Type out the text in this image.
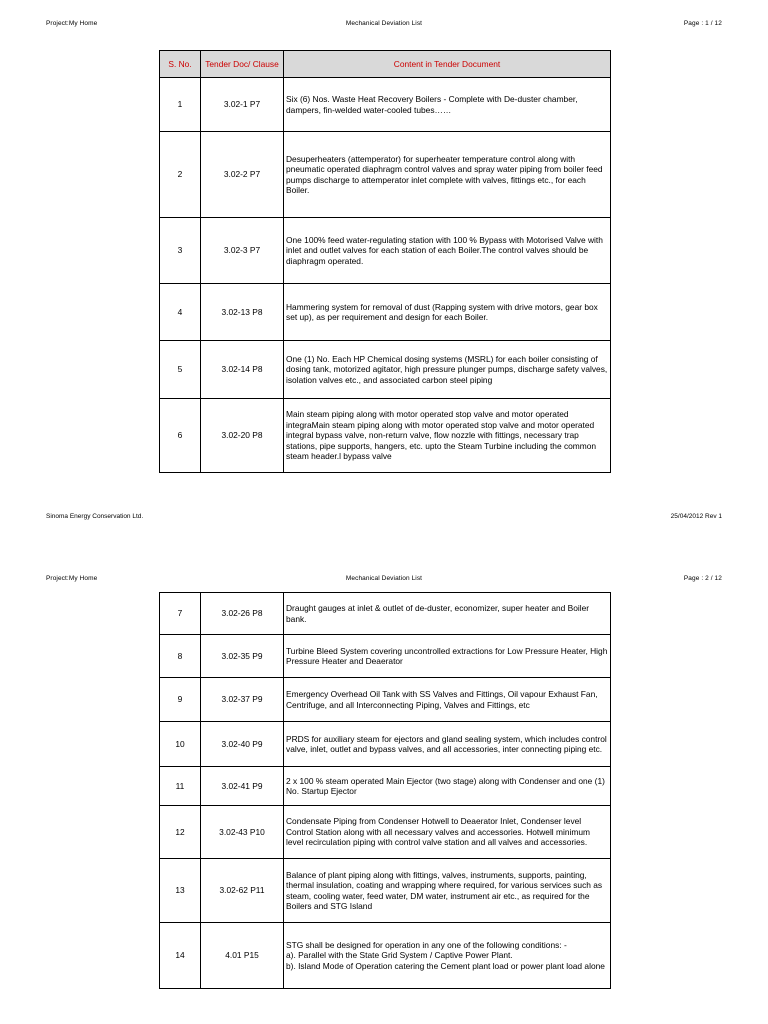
Project:My Home	Mechanical Deviation List	Page : 1 / 12
S. No.	Tender Doc/ Clause	Content in Tender Document
1	3.02-1 P7	Six (6) Nos. Waste Heat Recovery Boilers - Complete with De-duster chamber, dampers, fin-welded water-cooled tubes……
2	3.02-2 P7	Desuperheaters (attemperator) for superheater temperature control along with pneumatic operated diaphragm control valves and spray water piping from boiler feed pumps discharge to attemperator inlet complete with valves, fittings etc., for each Boiler.
3	3.02-3 P7	One 100% feed water-regulating station with 100 % Bypass with Motorised Valve with inlet and outlet valves for each station of each Boiler.The control valves should be diaphragm operated.
4	3.02-13 P8	Hammering system for removal of dust (Rapping system with drive motors, gear box set up), as per requirement and design for each Boiler.
5	3.02-14 P8	One (1) No. Each HP Chemical dosing systems (MSRL) for each boiler consisting of dosing tank, motorized agitator, high pressure plunger pumps, discharge safety valves, isolation valves etc., and associated carbon steel piping
6	3.02-20 P8	Main steam piping along with motor operated stop valve and motor operated integraMain steam piping along with motor operated stop valve and motor operated integral bypass valve, non-return valve, flow nozzle with fittings, necessary trap stations, pipe supports, hangers, etc. upto the Steam Turbine including the common steam header.l bypass valve
Sinoma Energy Conservation Ltd.	25/04/2012 Rev 1
Project:My Home	Mechanical Deviation List	Page : 2 / 12
7	3.02-26 P8	Draught gauges at inlet & outlet of de-duster, economizer, super heater and Boiler bank.
8	3.02-35 P9	Turbine Bleed System covering uncontrolled extractions for Low Pressure Heater, High Pressure Heater and Deaerator
9	3.02-37 P9	Emergency Overhead Oil Tank with SS Valves and Fittings, Oil vapour Exhaust Fan, Centrifuge, and all Interconnecting Piping, Valves and Fittings, etc
10	3.02-40 P9	PRDS for auxiliary steam for ejectors and gland sealing system, which includes control valve, inlet, outlet and bypass valves, and all accessories, inter connecting piping etc.
11	3.02-41 P9	2 x 100 % steam operated Main Ejector (two stage) along with Condenser and one (1) No. Startup Ejector
12	3.02-43 P10	Condensate Piping from Condenser Hotwell to Deaerator Inlet, Condenser level Control Station along with all necessary valves and accessories. Hotwell minimum level recirculation piping with control valve station and all valves and accessories.
13	3.02-62 P11	Balance of plant piping along with fittings, valves, instruments, supports, painting, thermal insulation, coating and wrapping where required, for various services such as steam, cooling water, feed water, DM water, instrument air etc., as required for the Boilers and STG Island
14	4.01 P15	STG shall be designed for operation in any one of the following conditions: -
a). Parallel with the State Grid System / Captive Power Plant.
b). Island Mode of Operation catering the Cement plant load or power plant load alone
